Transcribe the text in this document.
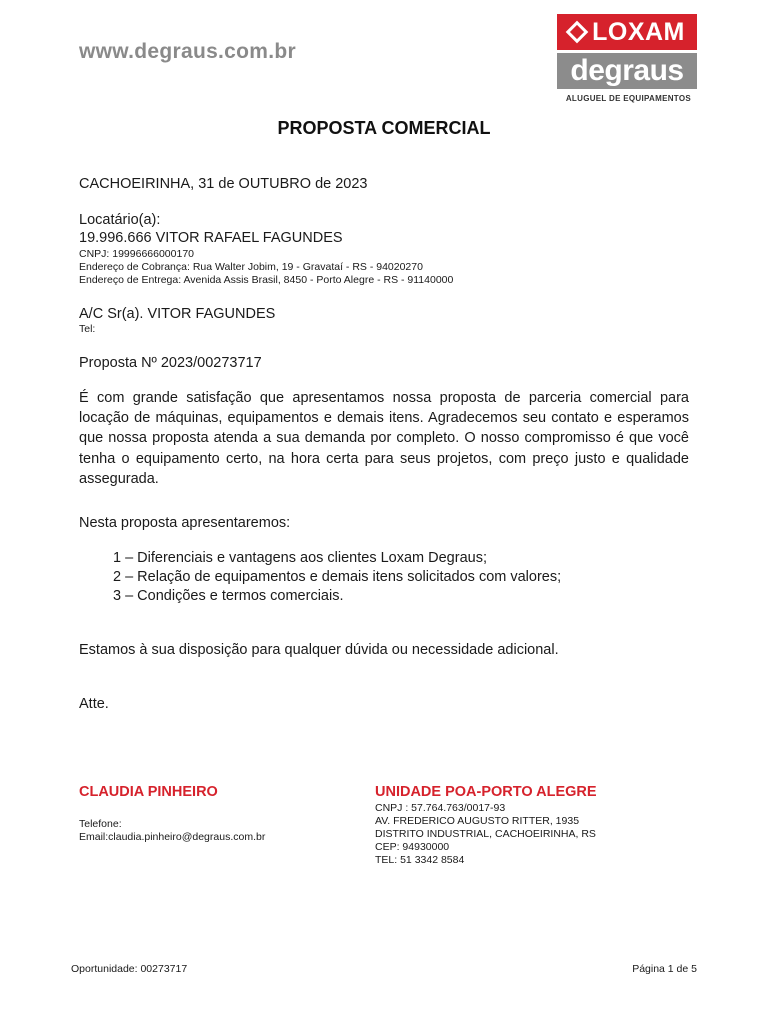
www.degraus.com.br
LOXAM
degraus
ALUGUEL DE EQUIPAMENTOS
PROPOSTA COMERCIAL
CACHOEIRINHA, 31 de OUTUBRO de 2023
Locatário(a):
19.996.666 VITOR RAFAEL FAGUNDES
CNPJ: 19996666000170
Endereço de Cobrança: Rua Walter Jobim, 19 - Gravataí - RS - 94020270
Endereço de Entrega: Avenida Assis Brasil, 8450 - Porto Alegre - RS - 91140000
A/C Sr(a). VITOR FAGUNDES
Tel:
Proposta Nº 2023/00273717
É com grande satisfação que apresentamos nossa proposta de parceria comercial para locação de máquinas, equipamentos e demais itens. Agradecemos seu contato e esperamos que nossa proposta atenda a sua demanda por completo. O nosso compromisso é que você tenha o equipamento certo, na hora certa para seus projetos, com preço justo e qualidade assegurada.
Nesta proposta apresentaremos:
1 – Diferenciais e vantagens aos clientes Loxam Degraus;
2 – Relação de equipamentos e demais itens solicitados com valores;
3 – Condições e termos comerciais.
Estamos à sua disposição para qualquer dúvida ou necessidade adicional.
Atte.
CLAUDIA PINHEIRO
Telefone:
Email:claudia.pinheiro@degraus.com.br
UNIDADE POA-PORTO ALEGRE
CNPJ : 57.764.763/0017-93
AV. FREDERICO AUGUSTO RITTER, 1935
DISTRITO INDUSTRIAL, CACHOEIRINHA, RS
CEP: 94930000
TEL: 51 3342 8584
Oportunidade: 00273717	Página 1 de 5
